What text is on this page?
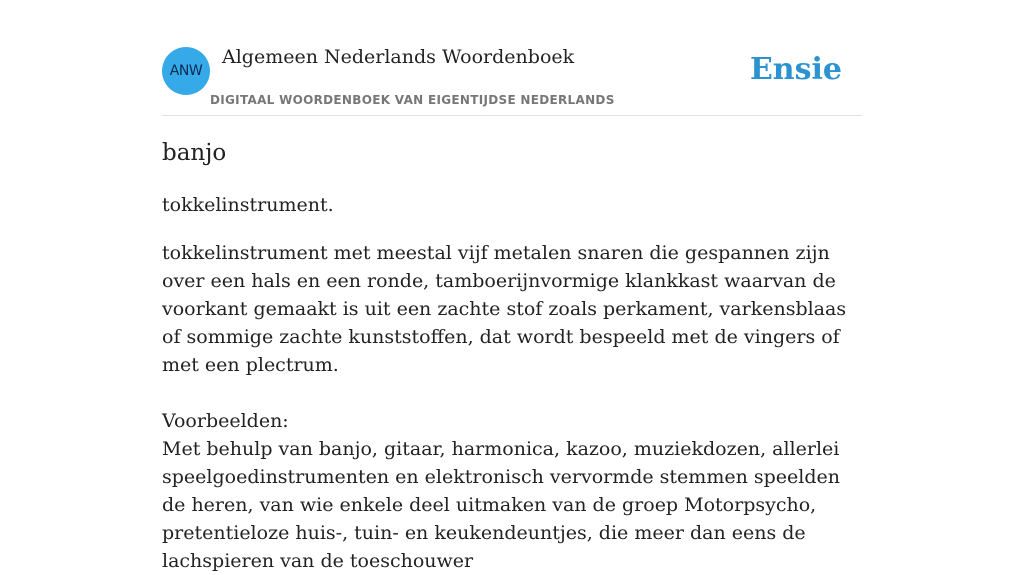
ANW
Algemeen Nederlands Woordenboek
DIGITAAL WOORDENBOEK VAN EIGENTIJDSE NEDERLANDS
Ensie
banjo
tokkelinstrument.

tokkelinstrument met meestal vijf metalen snaren die gespannen zijn over een hals en een ronde, tamboerijnvormige klankkast waarvan de voorkant gemaakt is uit een zachte stof zoals perkament, varkensblaas of sommige zachte kunststoffen, dat wordt bespeeld met de vingers of met een plectrum.

Voorbeelden:

Met behulp van banjo, gitaar, harmonica, kazoo, muziekdozen, allerlei speelgoedinstrumenten en elektronisch vervormde stemmen speelden de heren, van wie enkele deel uitmaken van de groep Motorpsycho, pretentieloze huis-, tuin- en keukendeuntjes, die meer dan eens de lachspieren van de toeschouwer
